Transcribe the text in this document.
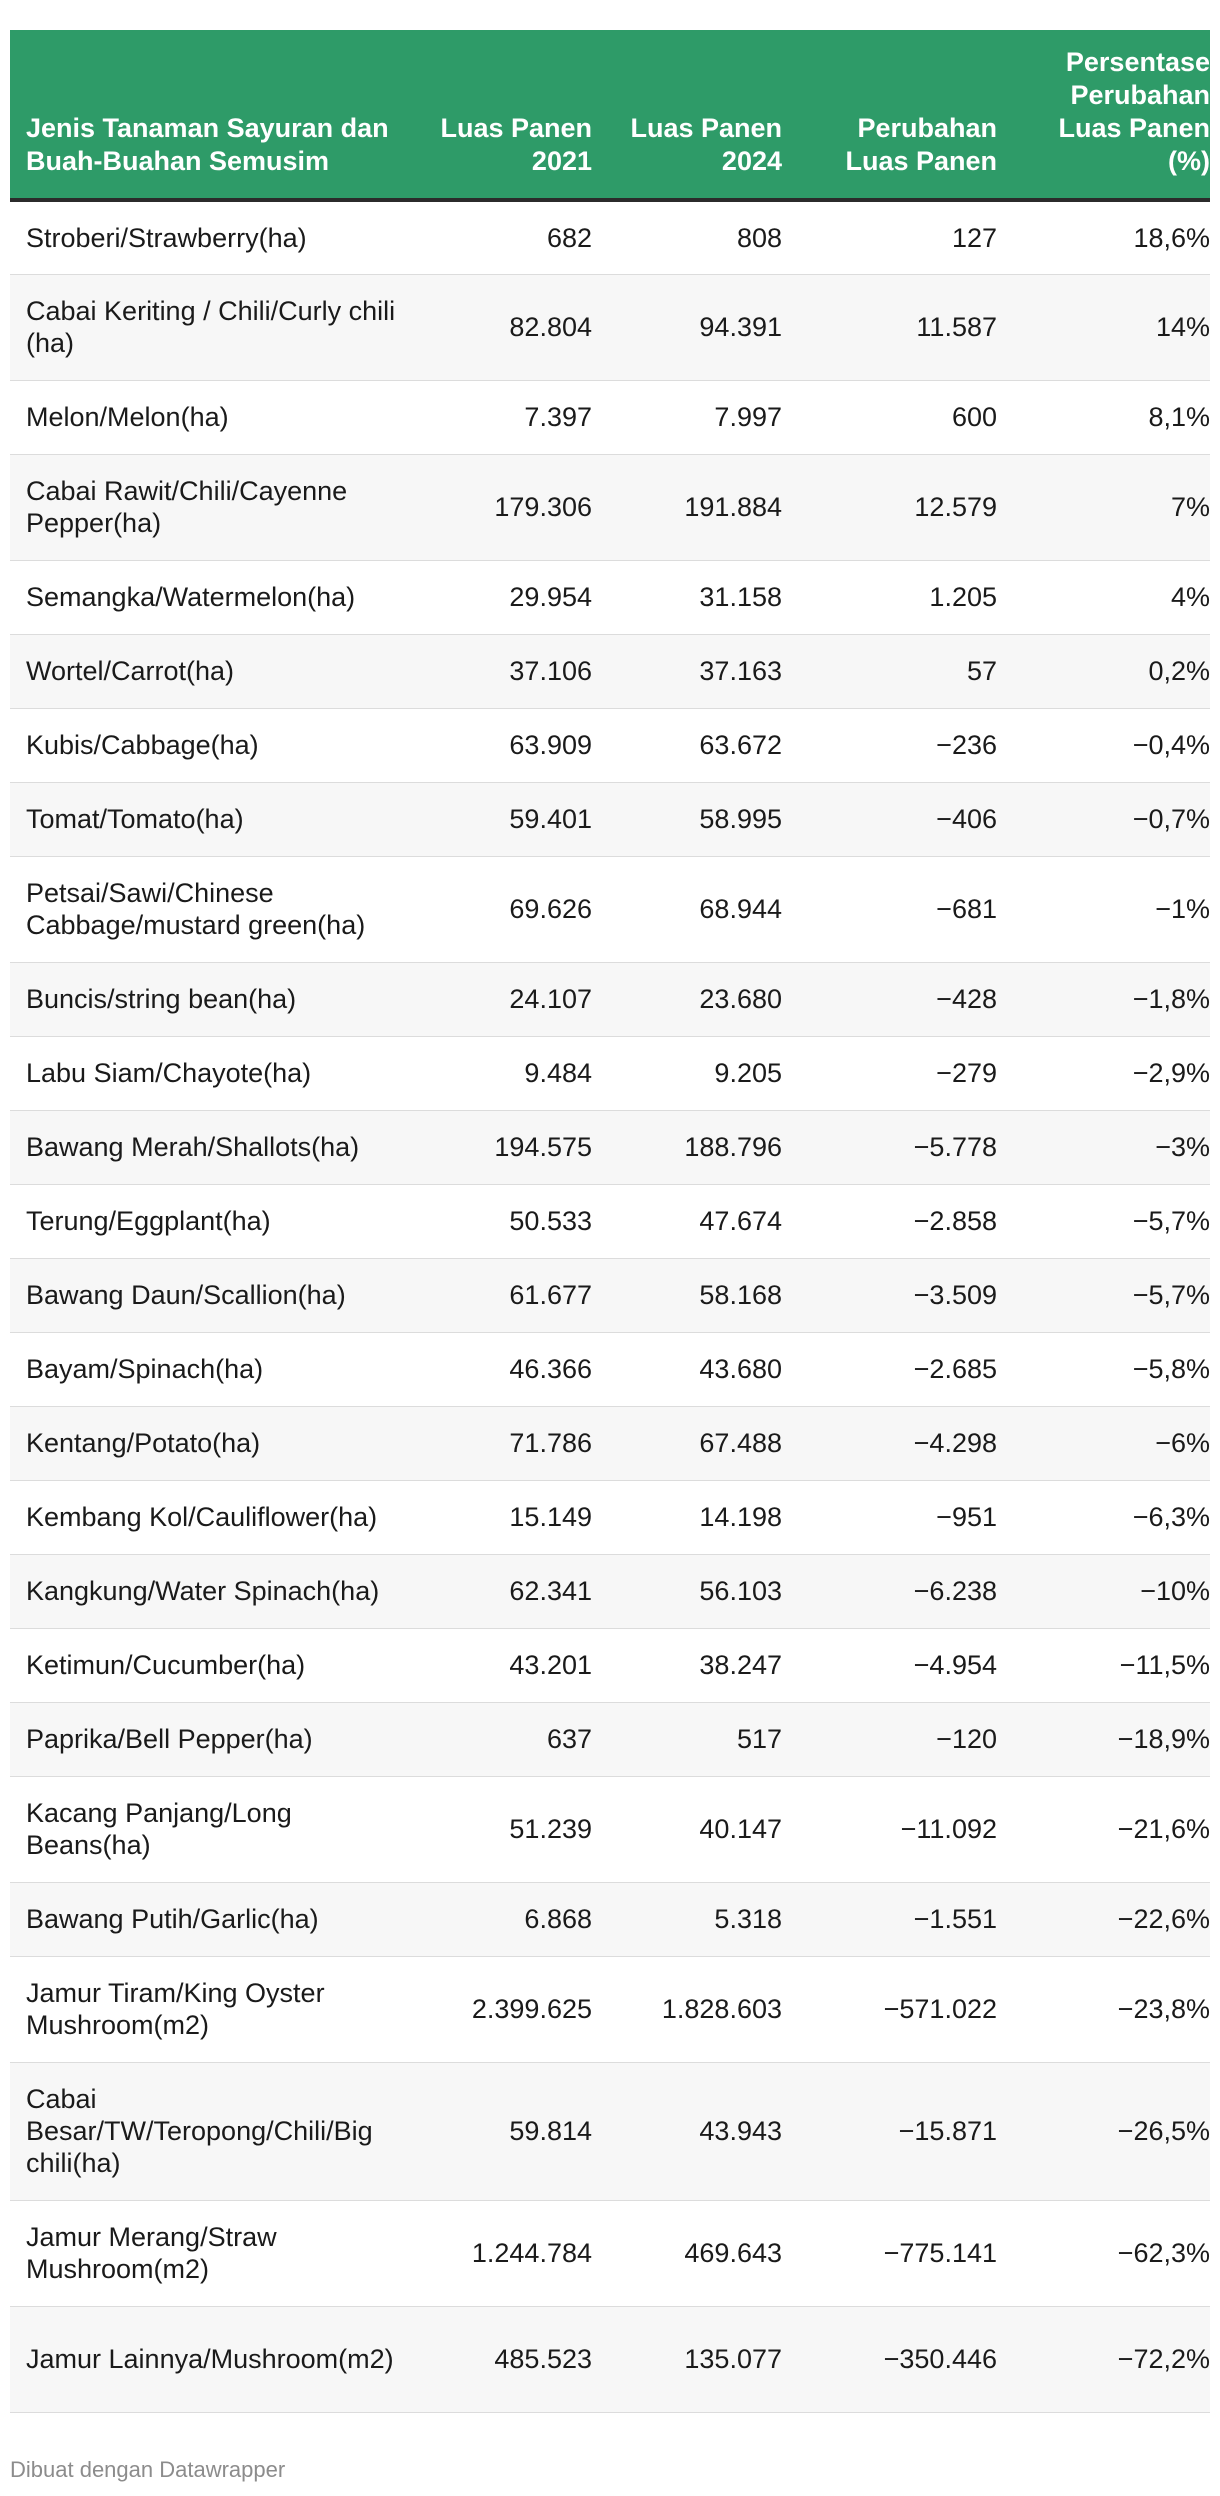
Jenis Tanaman Sayuran dan Buah-Buahan Semusim	Luas Panen 2021	Luas Panen 2024	Perubahan Luas Panen	Persentase Perubahan Luas Panen (%)
Stroberi/Strawberry(ha)	682	808	127	18,6%
Cabai Keriting / Chili/Curly chili (ha)	82.804	94.391	11.587	14%
Melon/Melon(ha)	7.397	7.997	600	8,1%
Cabai Rawit/Chili/Cayenne Pepper(ha)	179.306	191.884	12.579	7%
Semangka/Watermelon(ha)	29.954	31.158	1.205	4%
Wortel/Carrot(ha)	37.106	37.163	57	0,2%
Kubis/Cabbage(ha)	63.909	63.672	−236	−0,4%
Tomat/Tomato(ha)	59.401	58.995	−406	−0,7%
Petsai/Sawi/Chinese Cabbage/mustard green(ha)	69.626	68.944	−681	−1%
Buncis/string bean(ha)	24.107	23.680	−428	−1,8%
Labu Siam/Chayote(ha)	9.484	9.205	−279	−2,9%
Bawang Merah/Shallots(ha)	194.575	188.796	−5.778	−3%
Terung/Eggplant(ha)	50.533	47.674	−2.858	−5,7%
Bawang Daun/Scallion(ha)	61.677	58.168	−3.509	−5,7%
Bayam/Spinach(ha)	46.366	43.680	−2.685	−5,8%
Kentang/Potato(ha)	71.786	67.488	−4.298	−6%
Kembang Kol/Cauliflower(ha)	15.149	14.198	−951	−6,3%
Kangkung/Water Spinach(ha)	62.341	56.103	−6.238	−10%
Ketimun/Cucumber(ha)	43.201	38.247	−4.954	−11,5%
Paprika/Bell Pepper(ha)	637	517	−120	−18,9%
Kacang Panjang/Long Beans(ha)	51.239	40.147	−11.092	−21,6%
Bawang Putih/Garlic(ha)	6.868	5.318	−1.551	−22,6%
Jamur Tiram/King Oyster Mushroom(m2)	2.399.625	1.828.603	−571.022	−23,8%
Cabai Besar/TW/Teropong/Chili/Big chili(ha)	59.814	43.943	−15.871	−26,5%
Jamur Merang/Straw Mushroom(m2)	1.244.784	469.643	−775.141	−62,3%
Jamur Lainnya/Mushroom(m2)	485.523	135.077	−350.446	−72,2%
Dibuat dengan Datawrapper
